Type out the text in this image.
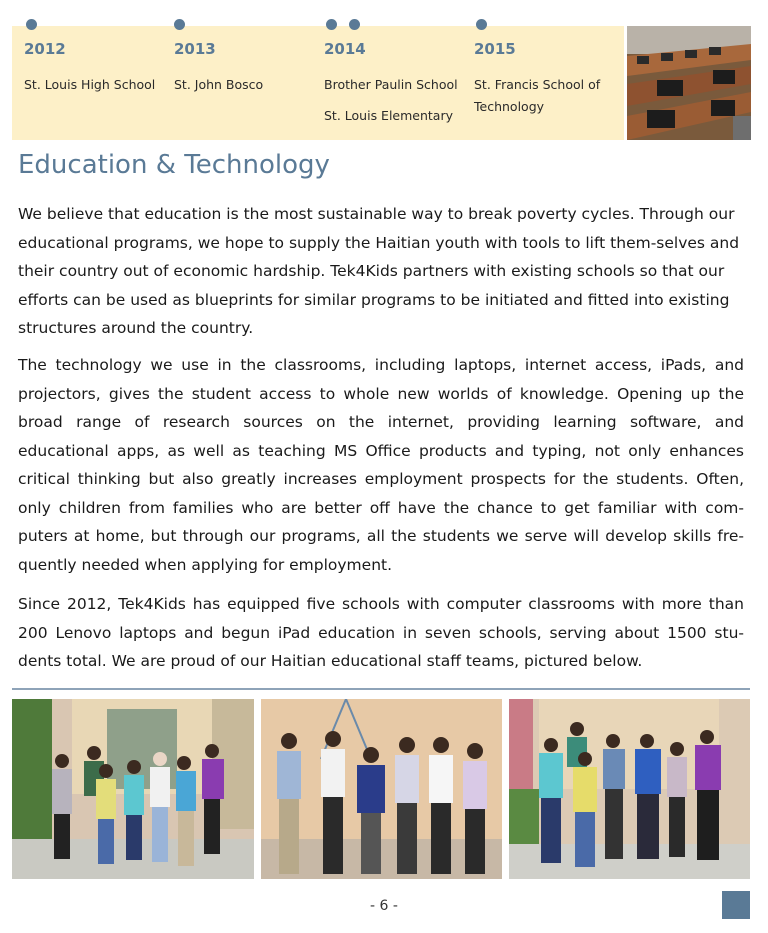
2012
St. Louis High School
2013
St. John Bosco
2014
Brother Paulin School
St. Louis Elementary
2015
St. Francis School of Technology
Education & Technology

We believe that education is the most sustainable way to break poverty cycles. Through our educational programs, we hope to supply the Haitian youth with tools to lift them-selves and their country out of economic hardship. Tek4Kids partners with existing schools so that our efforts can be used as blueprints for similar programs to be initiated and fitted into existing structures around the country.

The technology we use in the classrooms, including laptops, internet access, iPads, and projectors, gives the student access to whole new worlds of knowledge. Opening up the broad range of research sources on the internet, providing learning software, and educational apps, as well as teaching MS Office products and typing, not only enhances critical thinking but also greatly increases employment prospects for the students. Often, only children from families who are better off have the chance to get familiar with com-puters at home, but through our programs, all the students we serve will develop skills fre-quently needed when applying for employment.

Since 2012, Tek4Kids has equipped five schools with computer classrooms with more than 200 Lenovo laptops and begun iPad education in seven schools, serving about 1500 stu-dents total. We are proud of our Haitian educational staff teams, pictured below.

- 6 -
